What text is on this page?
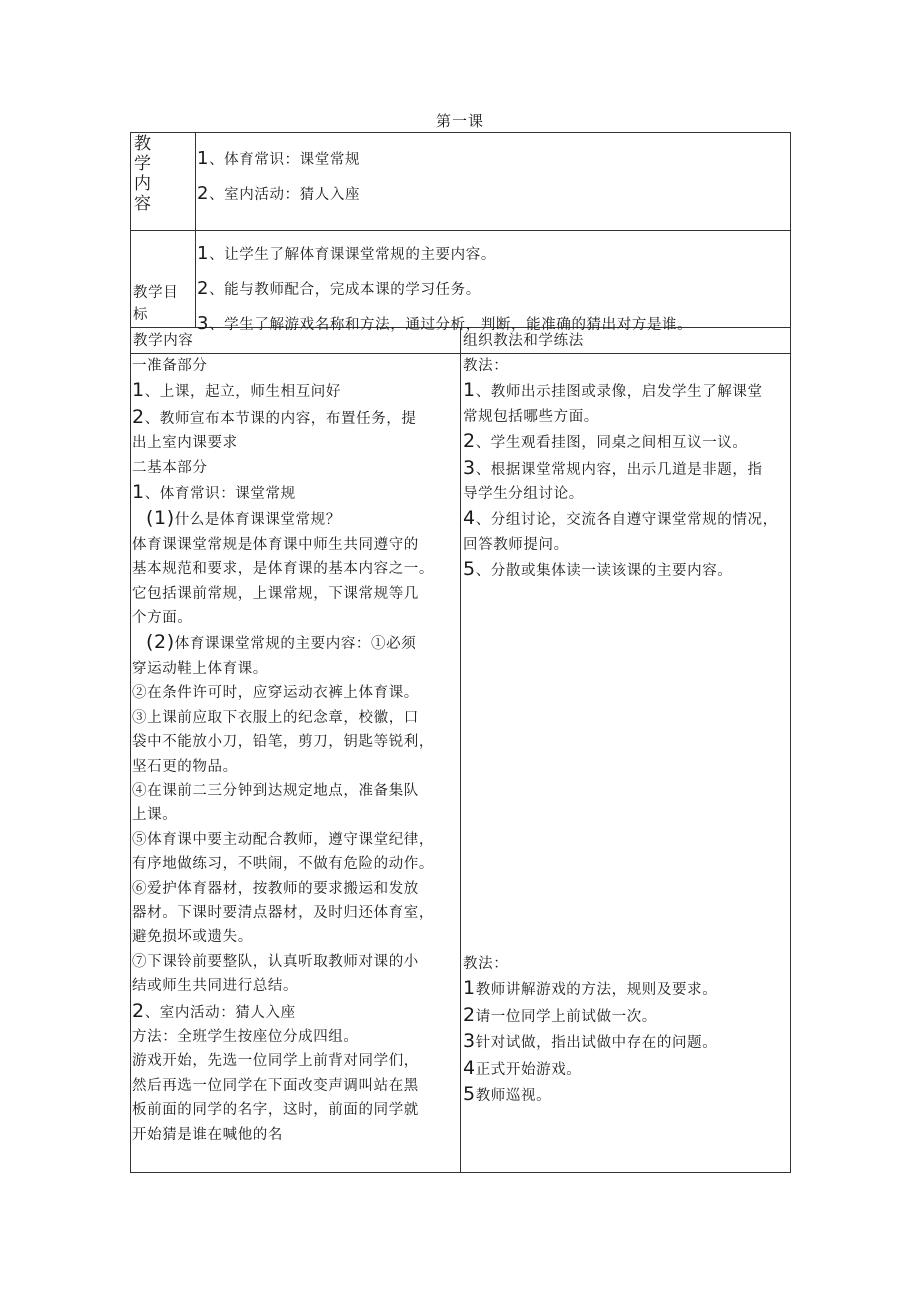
第一课
教
学
内
容
1、体育常识：课堂常规
2、室内活动：猜人入座
教学目
标
1、让学生了解体育课课堂常规的主要内容。
2、能与教师配合，完成本课的学习任务。
3、学生了解游戏名称和方法，通过分析，判断，能准确的猜出对方是谁。
教学内容	组织教法和学练法
一准备部分
1、上课，起立，师生相互问好
2、教师宣布本节课的内容，布置任务，提
出上室内课要求
二基本部分
1、体育常识：课堂常规
(1)什么是体育课课堂常规？
体育课课堂常规是体育课中师生共同遵守的
基本规范和要求，是体育课的基本内容之一。
它包括课前常规，上课常规，下课常规等几
个方面。
(2)体育课课堂常规的主要内容：①必须
穿运动鞋上体育课。
②在条件许可时，应穿运动衣裤上体育课。
③上课前应取下衣服上的纪念章，校徽，口
袋中不能放小刀，铅笔，剪刀，钥匙等锐利，
坚石更的物品。
④在课前二三分钟到达规定地点，准备集队
上课。
⑤体育课中要主动配合教师，遵守课堂纪律，
有序地做练习，不哄闹，不做有危险的动作。
⑥爱护体育器材，按教师的要求搬运和发放
器材。下课时要清点器材，及时归还体育室，
避免损坏或遗失。
⑦下课铃前要整队，认真听取教师对课的小
结或师生共同进行总结。
2、室内活动：猜人入座
方法：全班学生按座位分成四组。
游戏开始，先选一位同学上前背对同学们，
然后再选一位同学在下面改变声调叫站在黑
板前面的同学的名字，这时，前面的同学就
开始猜是谁在喊他的名
教法：
1、教师出示挂图或录像，启发学生了解课堂
常规包括哪些方面。
2、学生观看挂图，同桌之间相互议一议。
3、根据课堂常规内容，出示几道是非题，指
导学生分组讨论。
4、分组讨论，交流各自遵守课堂常规的情况，
回答教师提问。
5、分散或集体读一读该课的主要内容。
教法：
1教师讲解游戏的方法，规则及要求。
2请一位同学上前试做一次。
3针对试做，指出试做中存在的问题。
4正式开始游戏。
5教师巡视。
